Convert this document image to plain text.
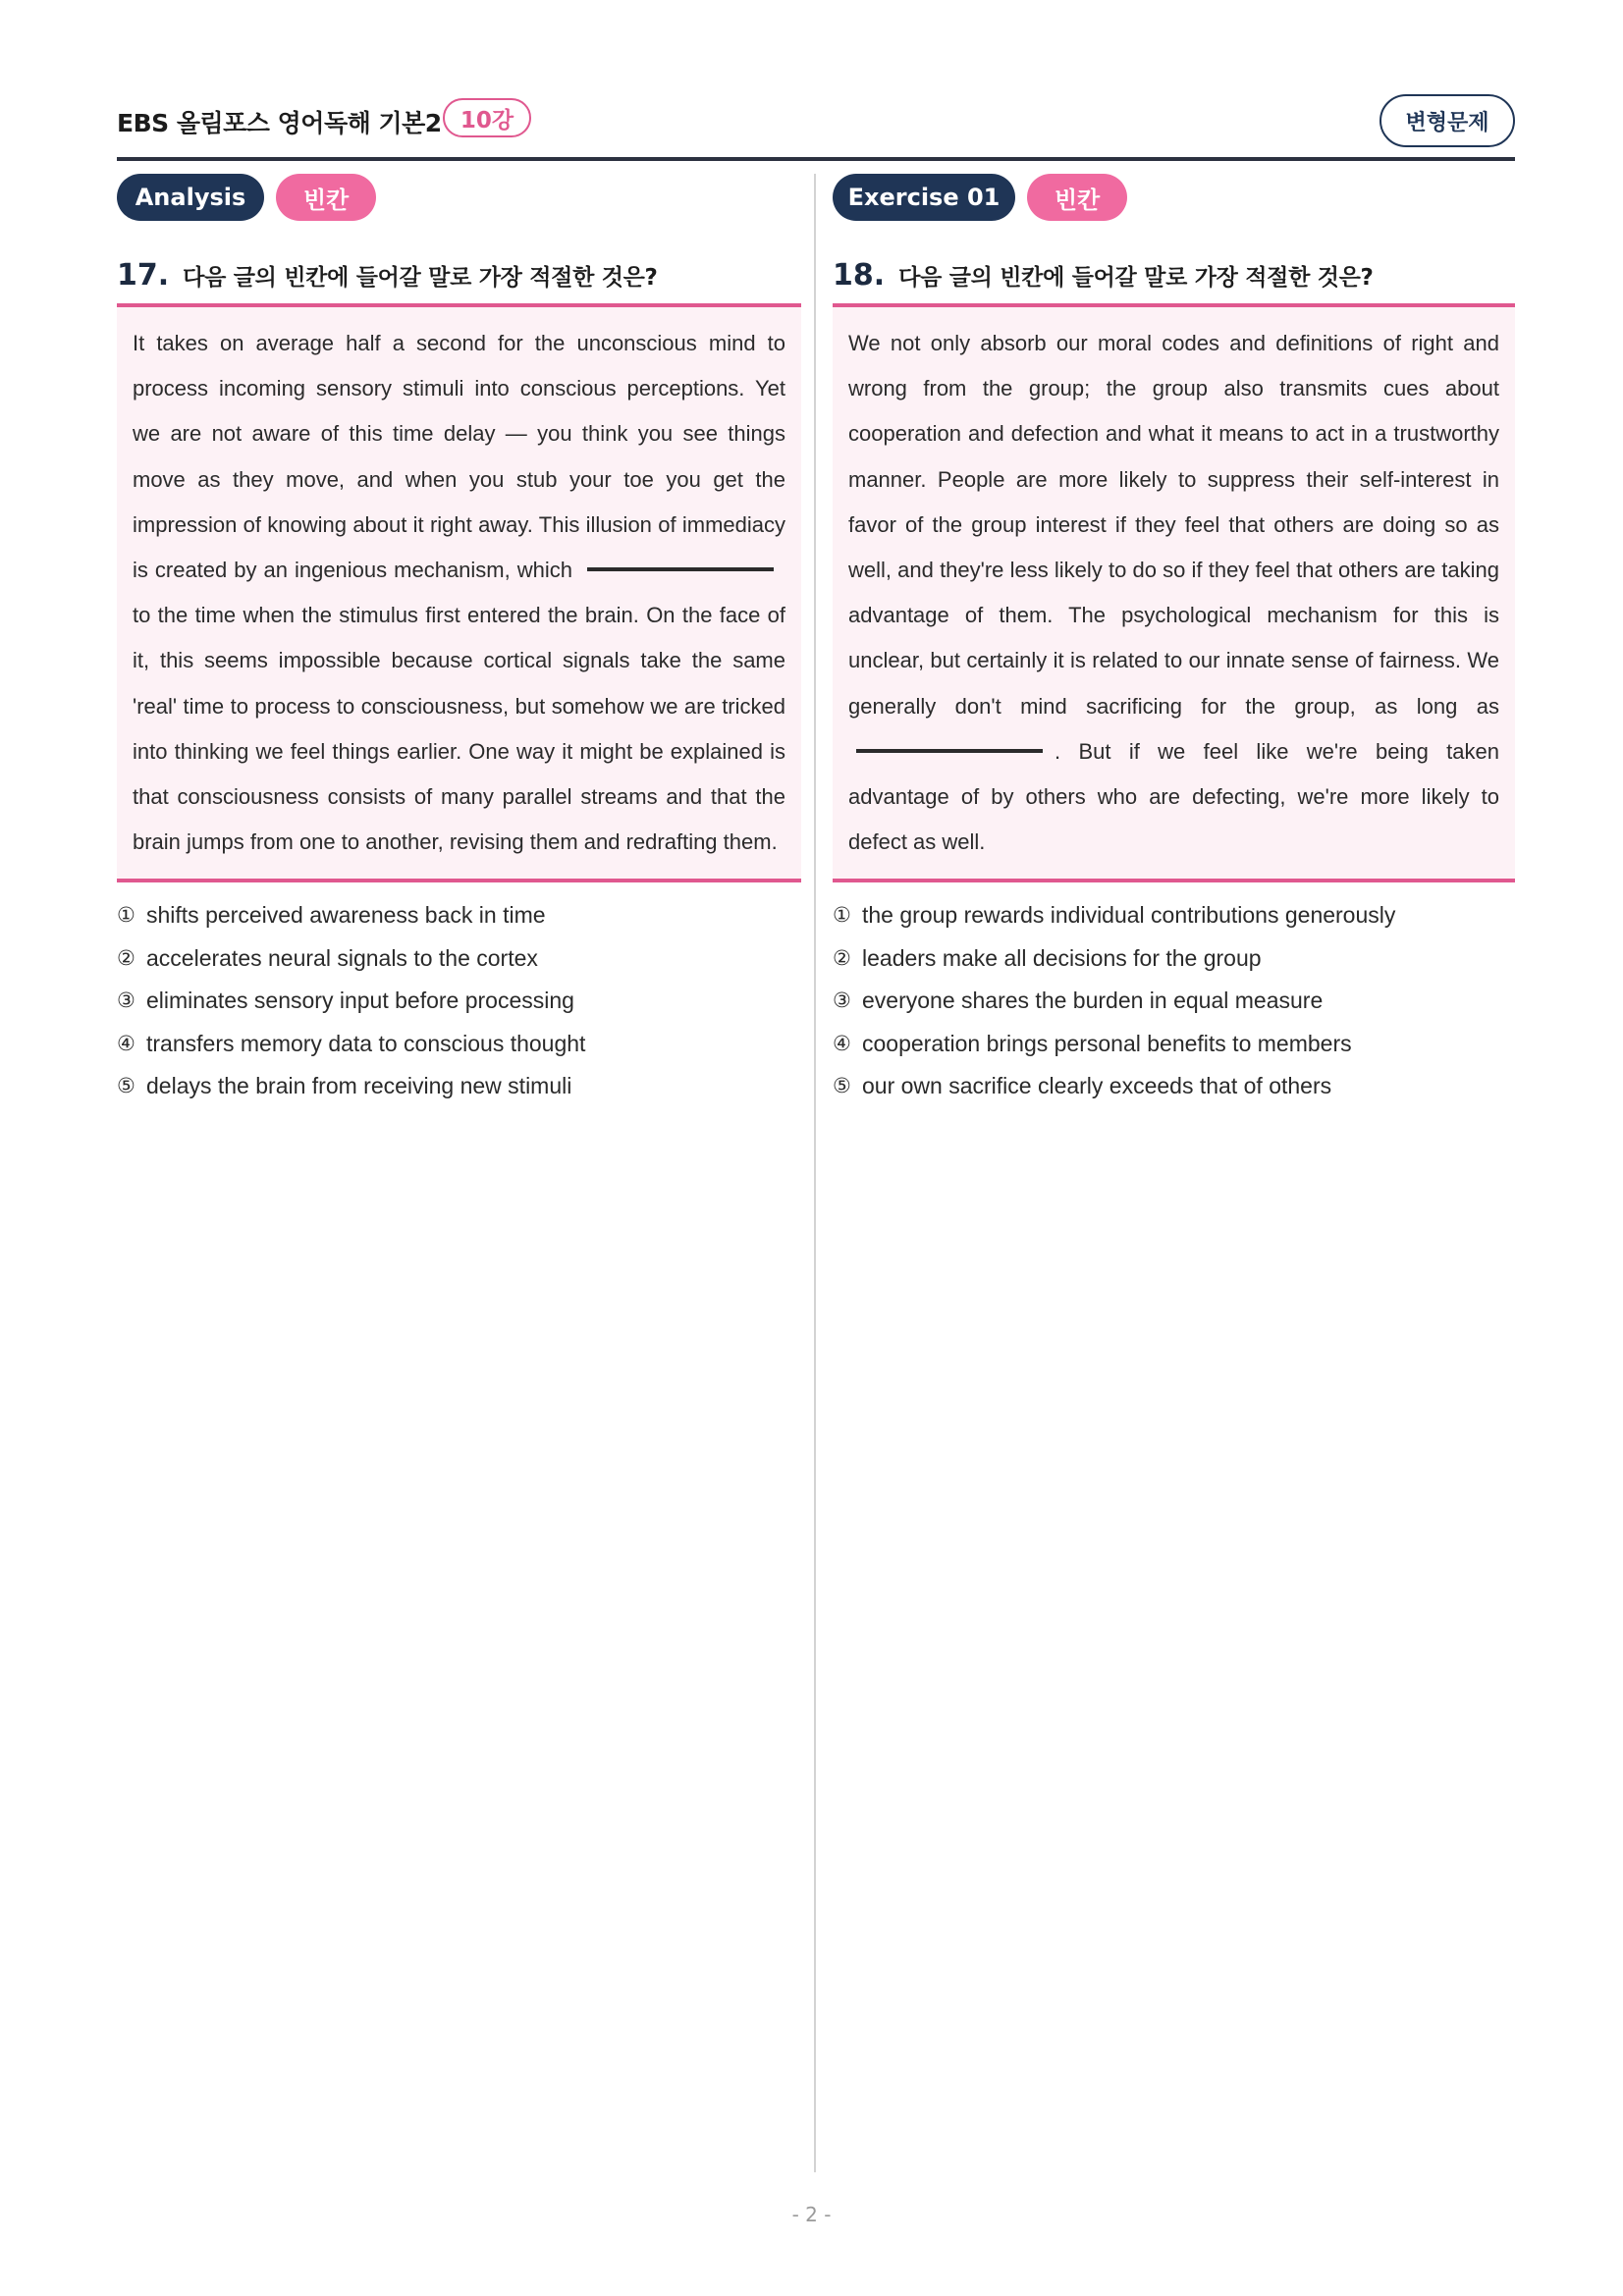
EBS 올림포스 영어독해 기본2 10강	변형문제
Analysis	빈칸
17. 다음 글의 빈칸에 들어갈 말로 가장 적절한 것은?

It takes on average half a second for the unconscious mind to process incoming sensory stimuli into conscious perceptions. Yet we are not aware of this time delay — you think you see things move as they move, and when you stub your toe you get the impression of knowing about it right away. This illusion of immediacy is created by an ingenious mechanism, which to the time when the stimulus first entered the brain. On the face of it, this seems impossible because cortical signals take the same 'real' time to process to consciousness, but somehow we are tricked into thinking we feel things earlier. One way it might be explained is that consciousness consists of many parallel streams and that the brain jumps from one to another, revising them and redrafting them.

① shifts perceived awareness back in time
② accelerates neural signals to the cortex
③ eliminates sensory input before processing
④ transfers memory data to conscious thought
⑤ delays the brain from receiving new stimuli
Exercise 01	빈칸
18. 다음 글의 빈칸에 들어갈 말로 가장 적절한 것은?

We not only absorb our moral codes and definitions of right and wrong from the group; the group also transmits cues about cooperation and defection and what it means to act in a trustworthy manner. People are more likely to suppress their self-interest in favor of the group interest if they feel that others are doing so as well, and they're less likely to do so if they feel that others are taking advantage of them. The psychological mechanism for this is unclear, but certainly it is related to our innate sense of fairness. We generally don't mind sacrificing for the group, as long as . But if we feel like we're being taken advantage of by others who are defecting, we're more likely to defect as well.

① the group rewards individual contributions generously
② leaders make all decisions for the group
③ everyone shares the burden in equal measure
④ cooperation brings personal benefits to members
⑤ our own sacrifice clearly exceeds that of others
- 2 -
